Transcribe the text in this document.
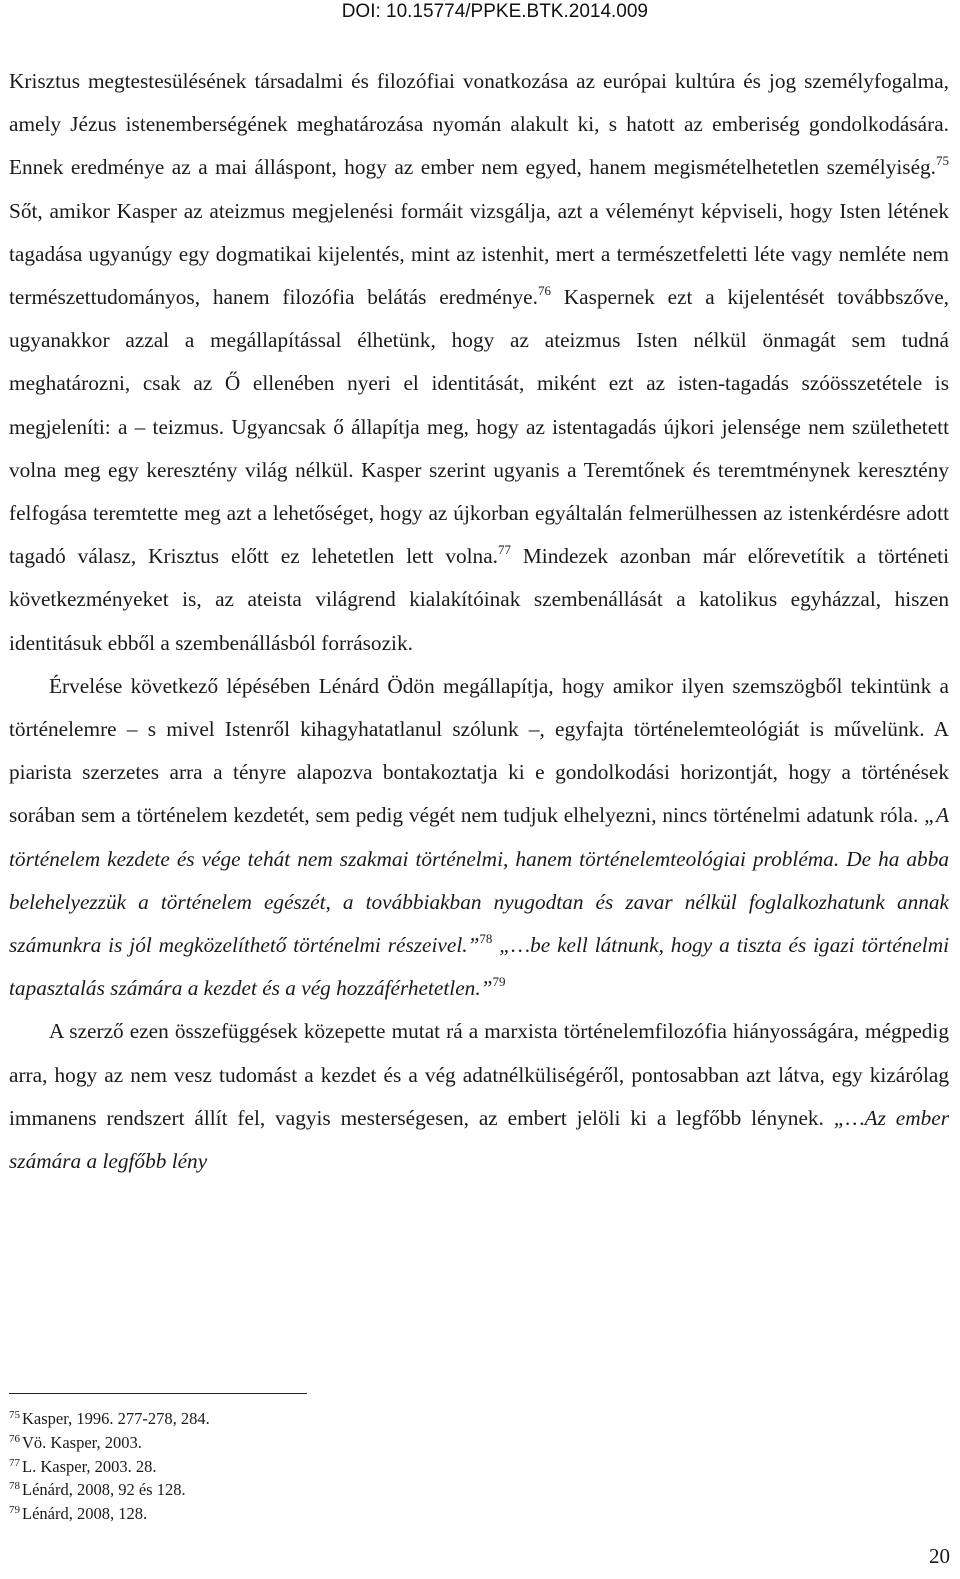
DOI: 10.15774/PPKE.BTK.2014.009

Krisztus megtestesülésének társadalmi és filozófiai vonatkozása az európai kultúra és jog személyfogalma, amely Jézus istenemberségének meghatározása nyomán alakult ki, s hatott az emberiség gondolkodására. Ennek eredménye az a mai álláspont, hogy az ember nem egyed, hanem megismételhetetlen személyiség.$^{75}$ Sőt, amikor Kasper az ateizmus megjelenési formáit vizsgálja, azt a véleményt képviseli, hogy Isten létének tagadása ugyanúgy egy dogmatikai kijelentés, mint az istenhit, mert a természetfeletti léte vagy nemléte nem természettudományos, hanem filozófia belátás eredménye.$^{76}$ Kaspernek ezt a kijelentését továbbszőve, ugyanakkor azzal a megállapítással élhetünk, hogy az ateizmus Isten nélkül önmagát sem tudná meghatározni, csak az Ő ellenében nyeri el identitását, miként ezt az isten-tagadás szóösszetétele is megjeleníti: a – teizmus. Ugyancsak ő állapítja meg, hogy az istentagadás újkori jelensége nem születhetett volna meg egy keresztény világ nélkül. Kasper szerint ugyanis a Teremtőnek és teremtménynek keresztény felfogása teremtette meg azt a lehetőséget, hogy az újkorban egyáltalán felmerülhessen az istenkérdésre adott tagadó válasz, Krisztus előtt ez lehetetlen lett volna.$^{77}$ Mindezek azonban már előrevetítik a történeti következményeket is, az ateista világrend kialakítóinak szembenállását a katolikus egyházzal, hiszen identitásuk ebből a szembenállásból forrásozik.

Érvelése következő lépésében Lénárd Ödön megállapítja, hogy amikor ilyen szemszögből tekintünk a történelemre – s mivel Istenről kihagyhatatlanul szólunk –, egyfajta történelemteológiát is művelünk. A piarista szerzetes arra a tényre alapozva bontakoztatja ki e gondolkodási horizontját, hogy a történések sorában sem a történelem kezdetét, sem pedig végét nem tudjuk elhelyezni, nincs történelmi adatunk róla. „A történelem kezdete és vége tehát nem szakmai történelmi, hanem történelemteológiai probléma. De ha abba belehelyezzük a történelem egészét, a továbbiakban nyugodtan és zavar nélkül foglalkozhatunk annak számunkra is jól megközelíthető történelmi részeivel.”$^{78}$ „…be kell látnunk, hogy a tiszta és igazi történelmi tapasztalás számára a kezdet és a vég hozzáférhetetlen.”$^{79}$

A szerző ezen összefüggések közepette mutat rá a marxista történelemfilozófia hiányosságára, mégpedig arra, hogy az nem vesz tudomást a kezdet és a vég adatnélküliségéről, pontosabban azt látva, egy kizárólag immanens rendszert állít fel, vagyis mesterségesen, az embert jelöli ki a legfőbb lénynek. „…Az ember számára a legfőbb lény

$^{75}$ Kasper, 1996. 277-278, 284.
$^{76}$ Vö. Kasper, 2003.
$^{77}$ L. Kasper, 2003. 28.
$^{78}$ Lénárd, 2008, 92 és 128.
$^{79}$ Lénárd, 2008, 128.
20
